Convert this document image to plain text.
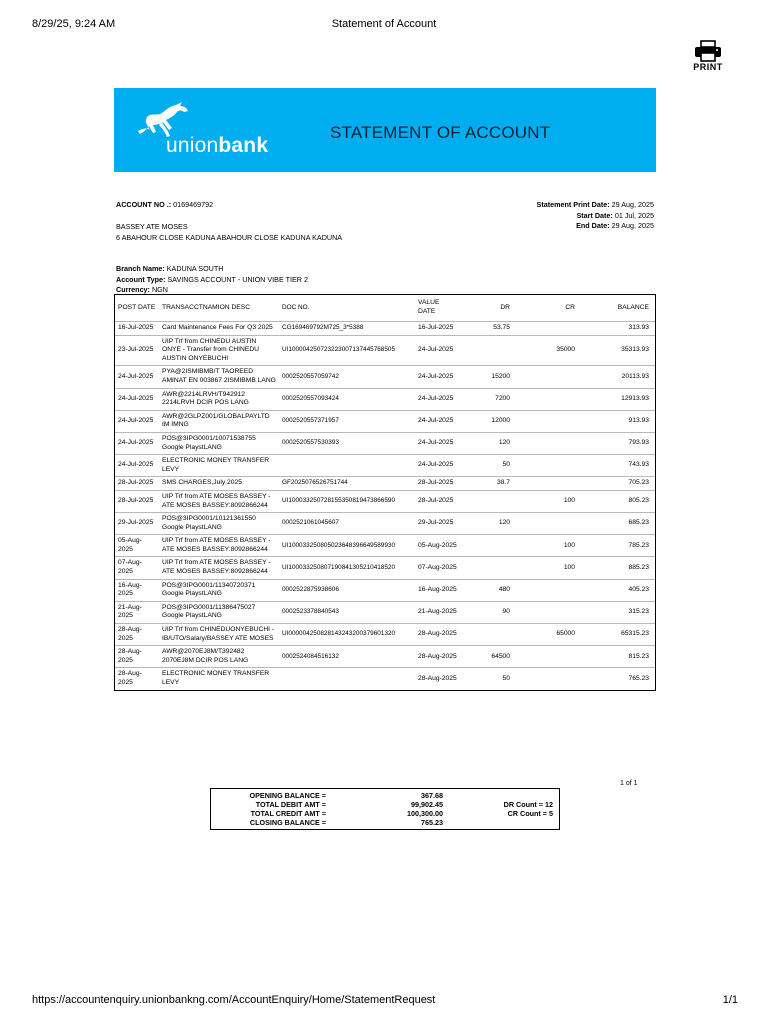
8/29/25, 9:24 AM	Statement of Account
PRINT
unionbank
STATEMENT OF ACCOUNT
ACCOUNT NO .: 0169469792	Statement Print Date: 29 Aug, 2025
Start Date: 01 Jul, 2025
End Date: 29 Aug, 2025
BASSEY ATE MOSES
6 ABAHOUR CLOSE KADUNA ABAHOUR CLOSE KADUNA KADUNA
Branch Name: KADUNA SOUTH
Account Type: SAVINGS ACCOUNT - UNION VIBE TIER 2
Currency: NGN
POST DATE	TRANSACCTNAMION DESC	DOC NO.	VALUE DATE	DR	CR	BALANCE
16-Jul-2025	Card Maintenance Fees For Q3 2025	CG169469792M725_3*5388	16-Jul-2025	53.75		313.93
23-Jul-2025	UIP Trf from CHINEDU AUSTIN ONYE - Transfer from CHINEDU AUSTIN ONYEBUCHI	UI100004250723223007137445768505	24-Jul-2025		35000	35313.93
24-Jul-2025	PYA@2ISMIBMB/T TAOREED AMINAT EN 003867 2ISMIBMB LANG	0002520557059742	24-Jul-2025	15200		20113.93
24-Jul-2025	AWR@2214LRVH/T942912 2214LRVH DCIR POS LANG	0002520557093424	24-Jul-2025	7200		12913.93
24-Jul-2025	AWR@2GLPZ001/GLOBALPAYLTD IM IMNG	0002520557371957	24-Jul-2025	12000		913.93
24-Jul-2025	POS@3IPG0001/10071538755 Google PlaystLANG	0002520557530393	24-Jul-2025	120		793.93
24-Jul-2025	ELECTRONIC MONEY TRANSFER LEVY		24-Jul-2025	50		743.93
28-Jul-2025	SMS CHARGES,July 2025	GF2025076526751744	28-Jul-2025	38.7		705.23
28-Jul-2025	UIP Trf from ATE MOSES BASSEY - ATE MOSES BASSEY:8092866244	UI100033250728155350819473866590	28-Jul-2025		100	805.23
29-Jul-2025	POS@3IPG0001/10121361550 Google PlaystLANG	0002521061045607	29-Jul-2025	120		685.23
05-Aug-2025	UIP Trf from ATE MOSES BASSEY - ATE MOSES BASSEY:8092866244	UI100033250805023648396649589930	05-Aug-2025		100	785.23
07-Aug-2025	UIP Trf from ATE MOSES BASSEY - ATE MOSES BASSEY:8092866244	UI100033250807190841305210418520	07-Aug-2025		100	885.23
16-Aug-2025	POS@3IPG0001/11340720371 Google PlaystLANG	0002522875938606	16-Aug-2025	480		405.23
21-Aug-2025	POS@3IPG0001/11386475027 Google PlaystLANG	0002523378840543	21-Aug-2025	90		315.23
28-Aug-2025	UIP Trf from CHINEDUONYEBUCHI - IB/UTO/Salary/BASSEY ATE MOSES	UI000004250828143243200379601320	28-Aug-2025		65000	65315.23
28-Aug-2025	AWR@2070EJ8M/T392482 2070EJ8M DCIR POS LANG	0002524084516132	28-Aug-2025	64500		815.23
28-Aug-2025	ELECTRONIC MONEY TRANSFER LEVY		28-Aug-2025	50		765.23
1 of 1
OPENING BALANCE =	367.68
TOTAL DEBIT AMT =	99,902.45	DR Count = 12
TOTAL CREDIT AMT =	100,300.00	CR Count = 5
CLOSING BALANCE =	765.23
https://accountenquiry.unionbankng.com/AccountEnquiry/Home/StatementRequest	1/1
